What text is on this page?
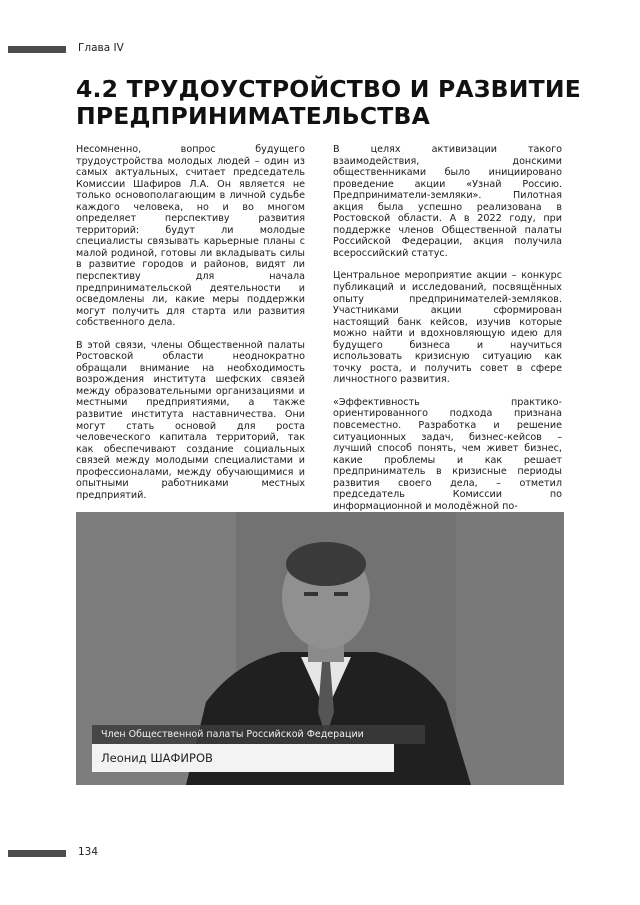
Глава IV
4.2 ТРУДОУСТРОЙСТВО И РАЗВИТИЕ
ПРЕДПРИНИМАТЕЛЬСТВА

Несомненно, вопрос будущего трудоустройства молодых людей – один из самых актуальных, считает председатель Комиссии Шафиров Л.А. Он является не только основополагающим в личной судьбе каждого человека, но и во многом определяет перспективу развития территорий: будут ли молодые специалисты связывать карьерные планы с малой родиной, готовы ли вкладывать силы в развитие городов и районов, видят ли перспективу для начала предпринимательской деятельности и осведомлены ли, какие меры поддержки могут получить для старта или развития собственного дела.

В этой связи, члены Общественной палаты Ростовской области неоднократно обращали внимание на необходимость возрождения института шефских связей между образовательными организациями и местными предприятиями, а также развитие института наставничества. Они могут стать основой для роста человеческого капитала территорий, так как обеспечивают создание социальных связей между молодыми специалистами и профессионалами, между обучающимися и опытными работниками местных предприятий.

В целях активизации такого взаимодействия, донскими общественниками было инициировано проведение акции «Узнай Россию. Предприниматели-земляки». Пилотная акция была успешно реализована в Ростовской области. А в 2022 году, при поддержке членов Общественной палаты Российской Федерации, акция получила всероссийский статус.

Центральное мероприятие акции – конкурс публикаций и исследований, посвящённых опыту предпринимателей-земляков. Участниками акции сформирован настоящий банк кейсов, изучив которые можно найти и вдохновляющую идею для будущего бизнеса и научиться использовать кризисную ситуацию как точку роста, и получить совет в сфере личностного развития.

«Эффективность практико-ориентированного подхода признана повсеместно. Разработка и решение ситуационных задач, бизнес-кейсов – лучший способ понять, чем живет бизнес, какие проблемы и как решает предприниматель в кризисные периоды развития своего дела, – отметил председатель Комиссии по информационной и молодёжной по-

Член Общественной палаты Российской Федерации
Леонид ШАФИРОВ
134
